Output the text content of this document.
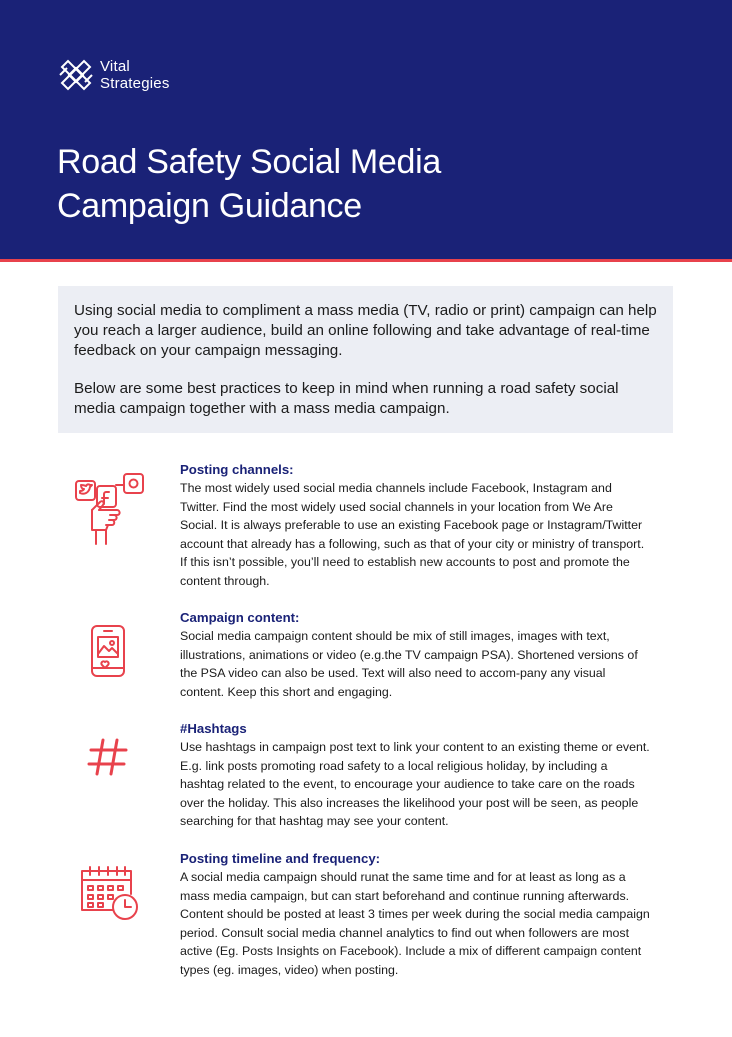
Vital
Strategies
Road Safety Social Media
Campaign Guidance

Using social media to compliment a mass media (TV, radio or print) campaign can help you reach a larger audience, build an online following and take advantage of real-time feedback on your campaign messaging.

Below are some best practices to keep in mind when running a road safety social media campaign together with a mass media campaign.

Posting channels:

The most widely used social media channels include Facebook, Instagram and Twitter. Find the most widely used social channels in your location from We Are Social. It is always preferable to use an existing Facebook page or Instagram/Twitter account that already has a following, such as that of your city or ministry of transport. If this isn’t possible, you’ll need to establish new accounts to post and promote the content through.

Campaign content:

Social media campaign content should be mix of still images, images with text, illustrations, animations or video (e.g.the TV campaign PSA). Shortened versions of the PSA video can also be used. Text will also need to accom-pany any visual content. Keep this short and engaging.

#Hashtags

Use hashtags in campaign post text to link your content to an existing theme or event. E.g. link posts promoting road safety to a local religious holiday, by including a hashtag related to the event, to encourage your audience to take care on the roads over the holiday. This also increases the likelihood your post will be seen, as people searching for that hashtag may see your content.

Posting timeline and frequency:

A social media campaign should runat the same time and for at least as long as a mass media campaign, but can start beforehand and continue running afterwards. Content should be posted at least 3 times per week during the social media campaign period. Consult social media channel analytics to find out when followers are most active (Eg. Posts Insights on Facebook). Include a mix of different campaign content types (eg. images, video) when posting.
